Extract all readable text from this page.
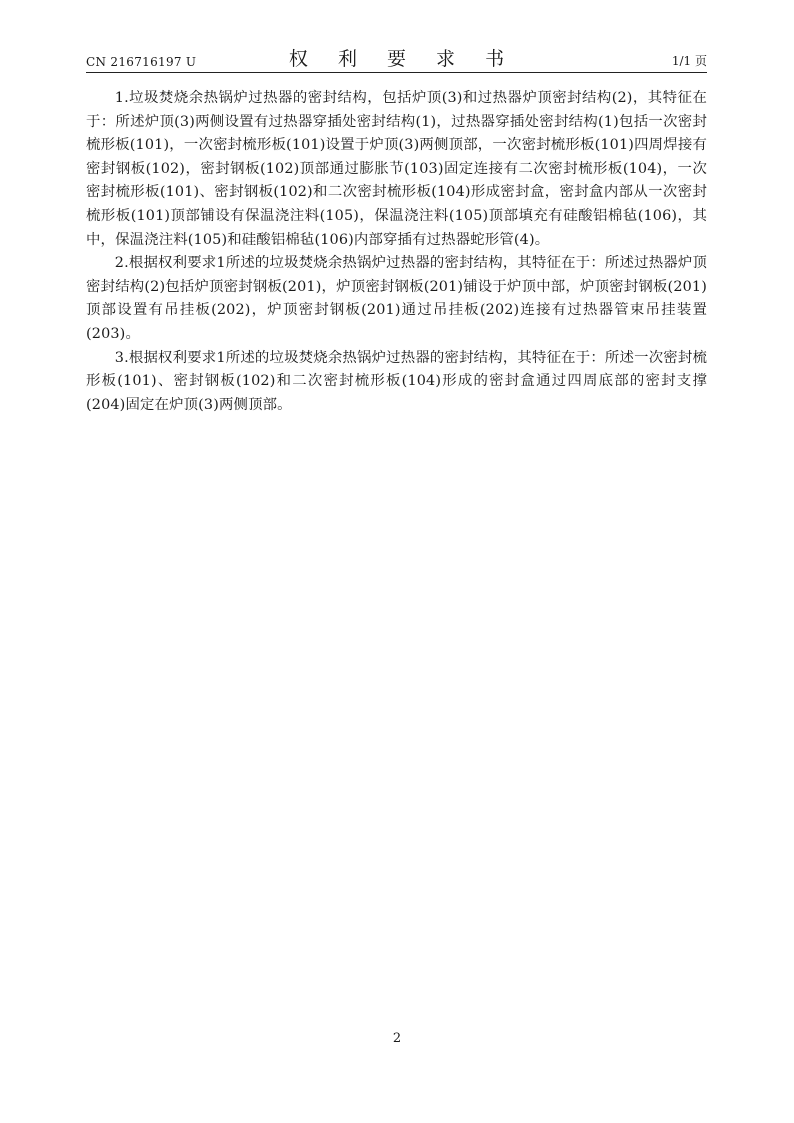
CN 216716197 U	权 利 要 求 书	1/1 页

1.垃圾焚烧余热锅炉过热器的密封结构，包括炉顶(3)和过热器炉顶密封结构(2)，其特征在于：所述炉顶(3)两侧设置有过热器穿插处密封结构(1)，过热器穿插处密封结构(1)包括一次密封梳形板(101)，一次密封梳形板(101)设置于炉顶(3)两侧顶部，一次密封梳形板(101)四周焊接有密封钢板(102)，密封钢板(102)顶部通过膨胀节(103)固定连接有二次密封梳形板(104)，一次密封梳形板(101)、密封钢板(102)和二次密封梳形板(104)形成密封盒，密封盒内部从一次密封梳形板(101)顶部铺设有保温浇注料(105)，保温浇注料(105)顶部填充有硅酸铝棉毡(106)，其中，保温浇注料(105)和硅酸铝棉毡(106)内部穿插有过热器蛇形管(4)。

2.根据权利要求1所述的垃圾焚烧余热锅炉过热器的密封结构，其特征在于：所述过热器炉顶密封结构(2)包括炉顶密封钢板(201)，炉顶密封钢板(201)铺设于炉顶中部，炉顶密封钢板(201)顶部设置有吊挂板(202)，炉顶密封钢板(201)通过吊挂板(202)连接有过热器管束吊挂装置(203)。

3.根据权利要求1所述的垃圾焚烧余热锅炉过热器的密封结构，其特征在于：所述一次密封梳形板(101)、密封钢板(102)和二次密封梳形板(104)形成的密封盒通过四周底部的密封支撑(204)固定在炉顶(3)两侧顶部。

2
